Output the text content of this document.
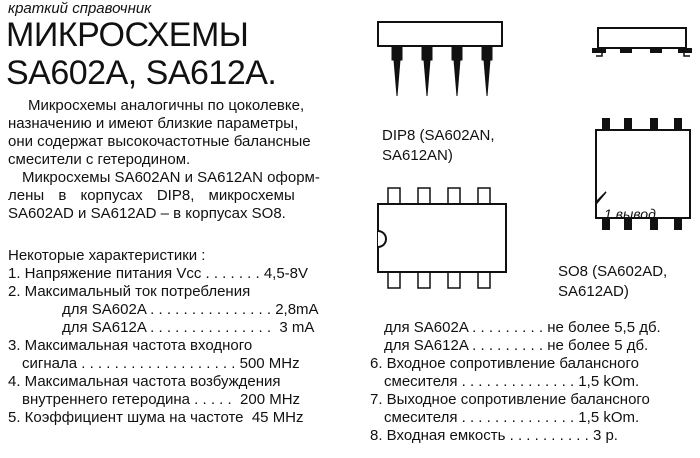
краткий справочник
МИКРОСХЕМЫ
SA602A, SA612A.
Микросхемы аналогичны по цоколевке,
назначению и имеют близкие параметры,
они содержат высокочастотные балансные
смесители с гетеродином.
Микросхемы SA602AN и SA612AN оформ-
лены в корпусах DIP8, микросхемы
SA602AD и SA612AD – в корпусах SO8.
Некоторые характеристики :
1. Напряжение питания Vcc . . . . . . . 4,5-8V
2. Максимальный ток потребления
для SA602A . . . . . . . . . . . . . . . 2,8mA
для SA612A . . . . . . . . . . . . . . .  3 mA
3. Максимальная частота входного
сигнала . . . . . . . . . . . . . . . . . . . 500 MHz
4. Максимальная частота возбуждения
внутреннего гетеродина . . . . .  200 MHz
5. Коэффициент шума на частоте  45 MHz
для SA602A . . . . . . . . . не более 5,5 дб.
для SA612A . . . . . . . . . не более 5 дб.
6. Входное сопротивление балансного
смесителя . . . . . . . . . . . . . . 1,5 kOm.
7. Выходное сопротивление балансного
смесителя . . . . . . . . . . . . . . 1,5 kOm.
8. Входная емкость . . . . . . . . . . 3 р.
DIP8 (SA602AN,
SA612AN)
1 вывод
SO8 (SA602AD,
SA612AD)
